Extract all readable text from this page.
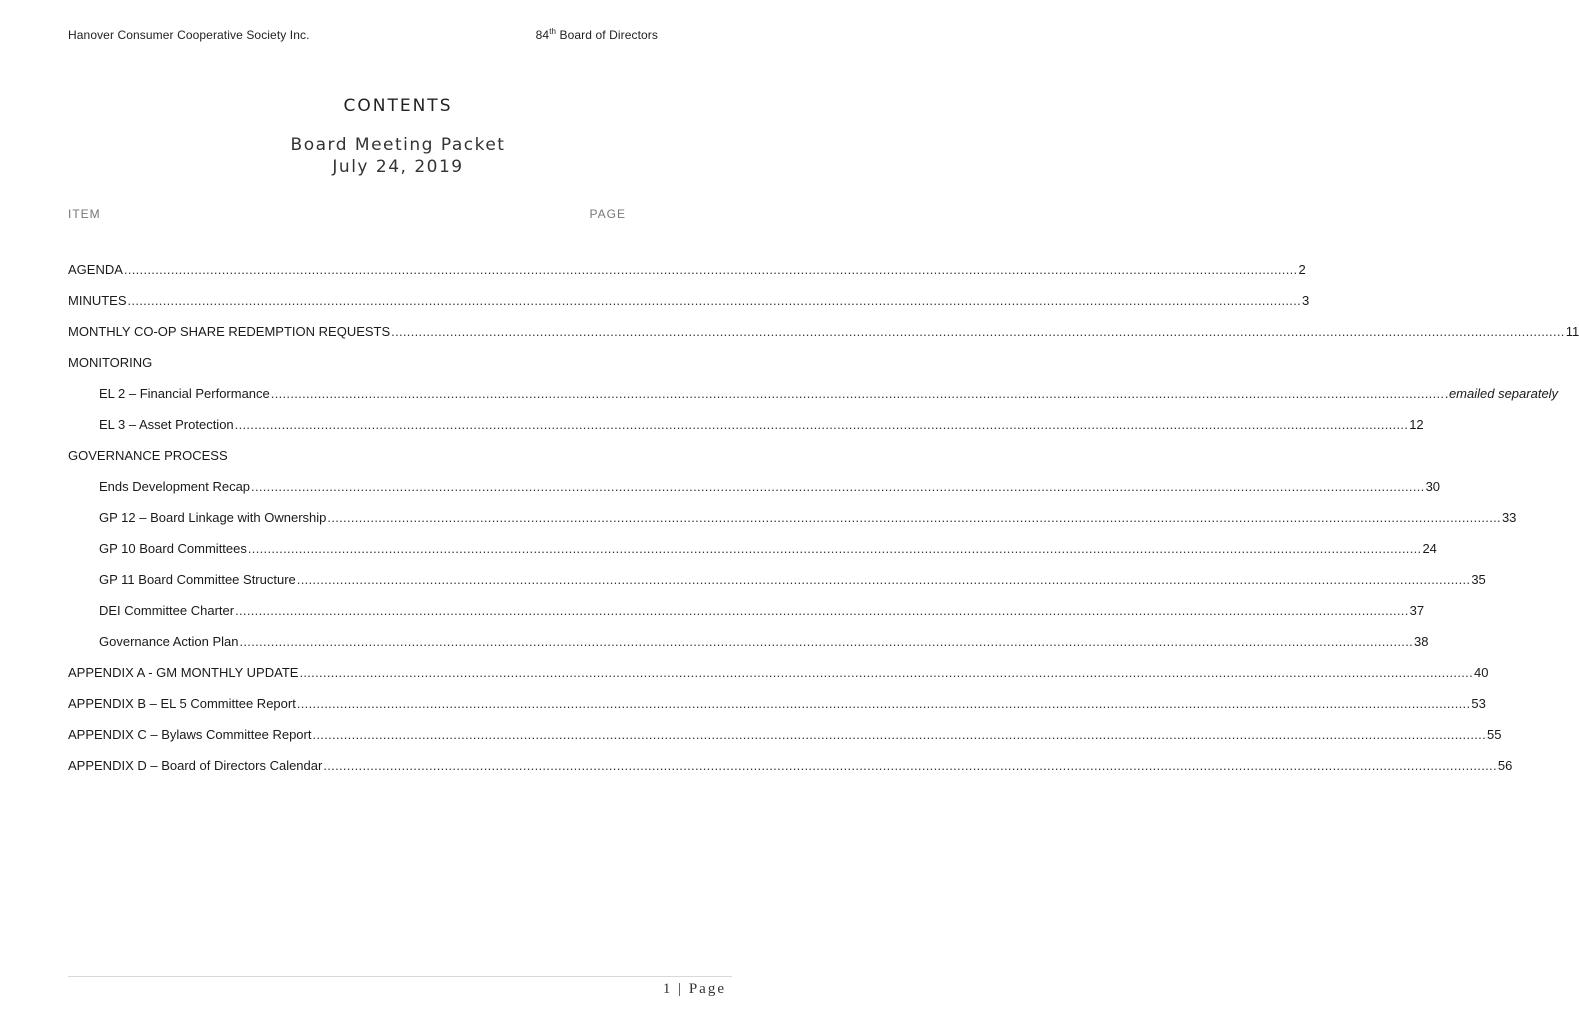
Hanover Consumer Cooperative Society Inc.	84th Board of Directors
CONTENTS
Board Meeting Packet
July 24, 2019
ITEM	PAGE
AGENDA ............................................................................................................................................................................................................................................................................................................ 2
MINUTES ............................................................................................................................................................................................................................................................................................................ 3
MONTHLY CO-OP SHARE REDEMPTION REQUESTS ............................................................................................................................................................................................................................................................................................................ 11
MONITORING
EL 2 – Financial Performance ............................................................................................................................................................................................................................................................................................................ .emailed separately
EL 3 – Asset Protection ............................................................................................................................................................................................................................................................................................................ 12
GOVERNANCE PROCESS
Ends Development Recap ............................................................................................................................................................................................................................................................................................................ 30
GP 12 – Board Linkage with Ownership ............................................................................................................................................................................................................................................................................................................ 33
GP 10 Board Committees ............................................................................................................................................................................................................................................................................................................ 24
GP 11 Board Committee Structure ............................................................................................................................................................................................................................................................................................................ 35
DEI Committee Charter ............................................................................................................................................................................................................................................................................................................ 37
Governance Action Plan ............................................................................................................................................................................................................................................................................................................ 38
APPENDIX A - GM MONTHLY UPDATE ............................................................................................................................................................................................................................................................................................................ 40
APPENDIX B – EL 5 Committee Report ............................................................................................................................................................................................................................................................................................................ 53
APPENDIX C – Bylaws Committee Report ............................................................................................................................................................................................................................................................................................................ 55
APPENDIX D – Board of Directors Calendar ............................................................................................................................................................................................................................................................................................................ 56
1 | Page
